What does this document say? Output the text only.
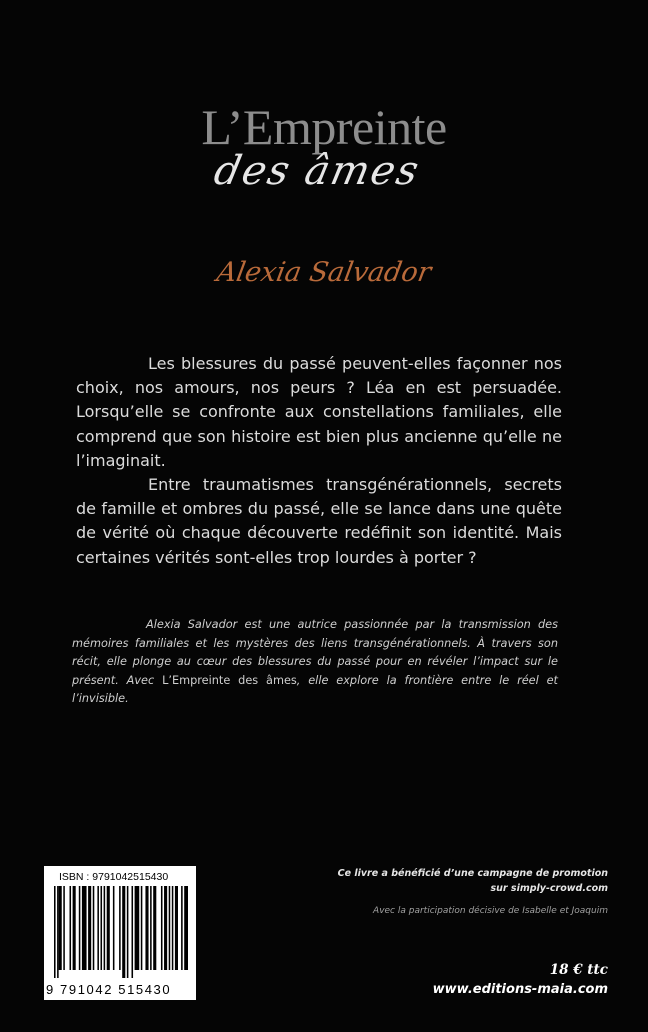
L’Empreinte
des âmes
Alexia Salvador

Les blessures du passé peuvent-elles façonner nos choix, nos amours, nos peurs ? Léa en est persuadée. Lorsqu’elle se confronte aux constellations familiales, elle comprend que son histoire est bien plus ancienne qu’elle ne l’imaginait.

Entre traumatismes transgénérationnels, secrets de famille et ombres du passé, elle se lance dans une quête de vérité où chaque découverte redéfinit son identité. Mais certaines vérités sont-elles trop lourdes à porter ?

Alexia Salvador est une autrice passionnée par la transmission des mémoires familiales et les mystères des liens transgénérationnels. À travers son récit, elle plonge au cœur des blessures du passé pour en révéler l’impact sur le présent. Avec L’Empreinte des âmes, elle explore la frontière entre le réel et l’invisible.

ISBN : 9791042515430
9 791042 515430
Ce livre a bénéficié d’une campagne de promotion
sur simply-crowd.com
Avec la participation décisive de Isabelle et Joaquim
18 € ttc
www.editions-maia.com
